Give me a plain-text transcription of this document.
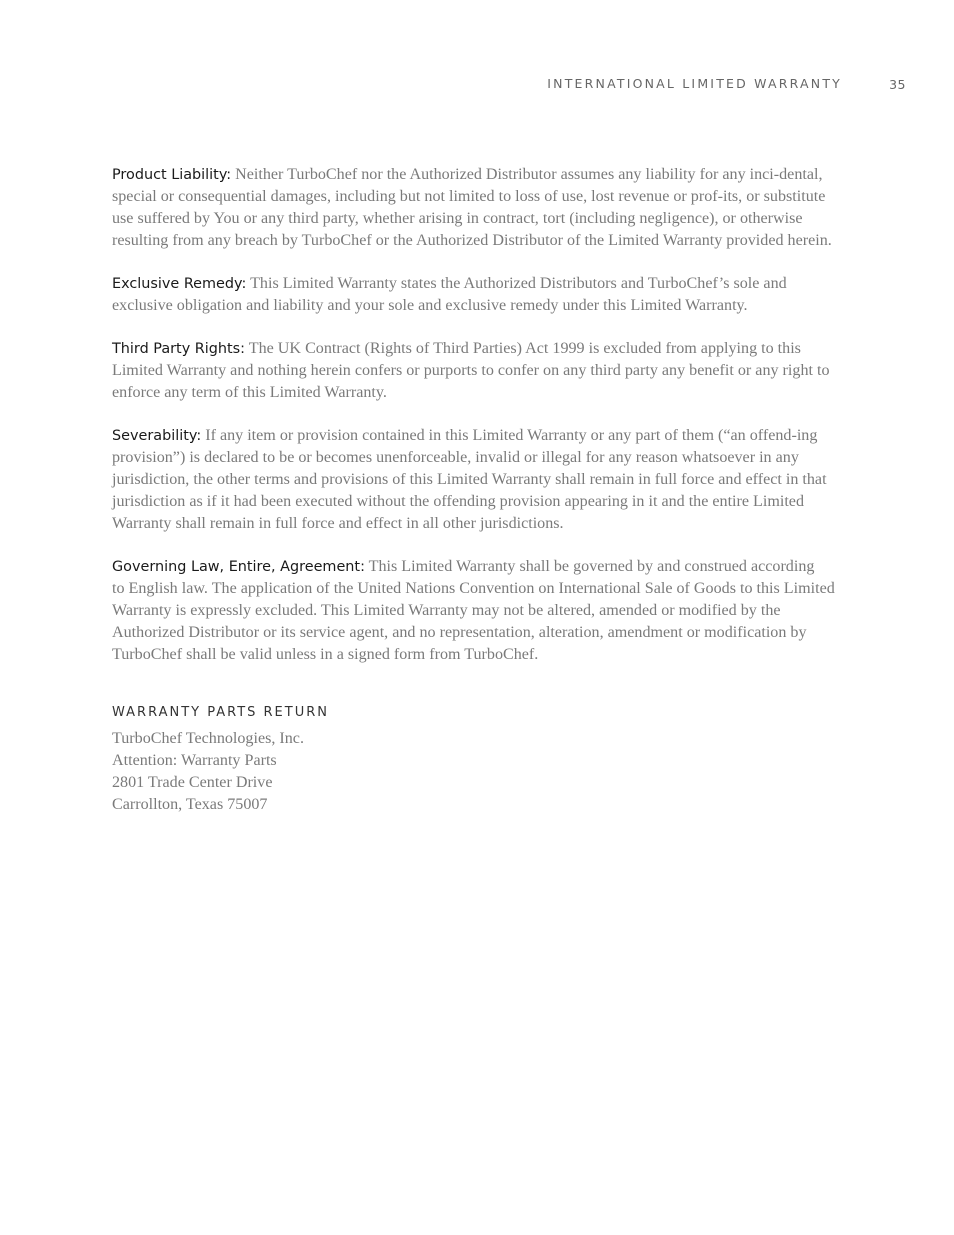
INTERNATIONAL LIMITED WARRANTY	35

Product Liability: Neither TurboChef nor the Authorized Distributor assumes any liability for any inci-dental, special or consequential damages, including but not limited to loss of use, lost revenue or prof-its, or substitute use suffered by You or any third party, whether arising in contract, tort (including negligence), or otherwise resulting from any breach by TurboChef or the Authorized Distributor of the Limited Warranty provided herein.

Exclusive Remedy: This Limited Warranty states the Authorized Distributors and TurboChef’s sole and exclusive obligation and liability and your sole and exclusive remedy under this Limited Warranty.

Third Party Rights: The UK Contract (Rights of Third Parties) Act 1999 is excluded from applying to this Limited Warranty and nothing herein confers or purports to confer on any third party any benefit or any right to enforce any term of this Limited Warranty.

Severability: If any item or provision contained in this Limited Warranty or any part of them (“an offend-ing provision”) is declared to be or becomes unenforceable, invalid or illegal for any reason whatsoever in any jurisdiction, the other terms and provisions of this Limited Warranty shall remain in full force and effect in that jurisdiction as if it had been executed without the offending provision appearing in it and the entire Limited Warranty shall remain in full force and effect in all other jurisdictions.

Governing Law, Entire, Agreement: This Limited Warranty shall be governed by and construed according
to English law. The application of the United Nations Convention on International Sale of Goods to this Limited Warranty is expressly excluded. This Limited Warranty may not be altered, amended or modified by the Authorized Distributor or its service agent, and no representation, alteration, amendment or modification by TurboChef shall be valid unless in a signed form from TurboChef.

WARRANTY PARTS RETURN
TurboChef Technologies, Inc.
Attention: Warranty Parts
2801 Trade Center Drive
Carrollton, Texas 75007
